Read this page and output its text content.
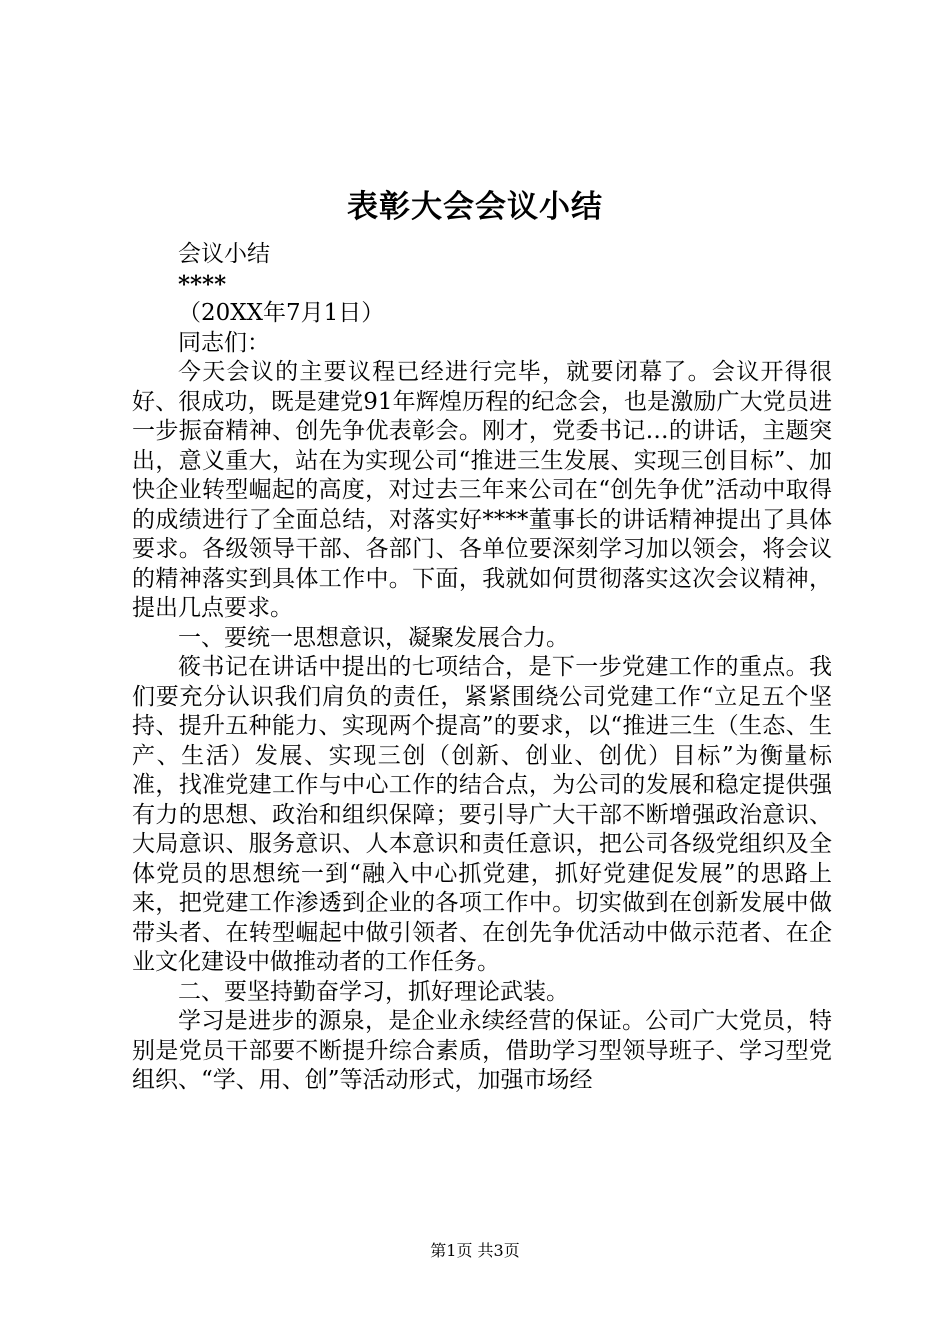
表彰大会会议小结

会议小结

****

（20XX年7月1日）

同志们：

今天会议的主要议程已经进行完毕，就要闭幕了。会议开得很好、很成功，既是建党91年辉煌历程的纪念会，也是激励广大党员进一步振奋精神、创先争优表彰会。刚才，党委书记…的讲话，主题突出，意义重大，站在为实现公司“推进三生发展、实现三创目标”、加快企业转型崛起的高度，对过去三年来公司在“创先争优”活动中取得的成绩进行了全面总结，对落实好****董事长的讲话精神提出了具体要求。各级领导干部、各部门、各单位要深刻学习加以领会，将会议的精神落实到具体工作中。下面，我就如何贯彻落实这次会议精神，提出几点要求。

一、要统一思想意识，凝聚发展合力。

筱书记在讲话中提出的七项结合，是下一步党建工作的重点。我们要充分认识我们肩负的责任，紧紧围绕公司党建工作“立足五个坚持、提升五种能力、实现两个提高”的要求，以“推进三生（生态、生产、生活）发展、实现三创（创新、创业、创优）目标”为衡量标准，找准党建工作与中心工作的结合点，为公司的发展和稳定提供强有力的思想、政治和组织保障；要引导广大干部不断增强政治意识、大局意识、服务意识、人本意识和责任意识，把公司各级党组织及全体党员的思想统一到“融入中心抓党建，抓好党建促发展”的思路上来，把党建工作渗透到企业的各项工作中。切实做到在创新发展中做带头者、在转型崛起中做引领者、在创先争优活动中做示范者、在企业文化建设中做推动者的工作任务。

二、要坚持勤奋学习，抓好理论武装。

学习是进步的源泉，是企业永续经营的保证。公司广大党员，特别是党员干部要不断提升综合素质，借助学习型领导班子、学习型党组织、“学、用、创”等活动形式，加强市场经

第1页 共3页
